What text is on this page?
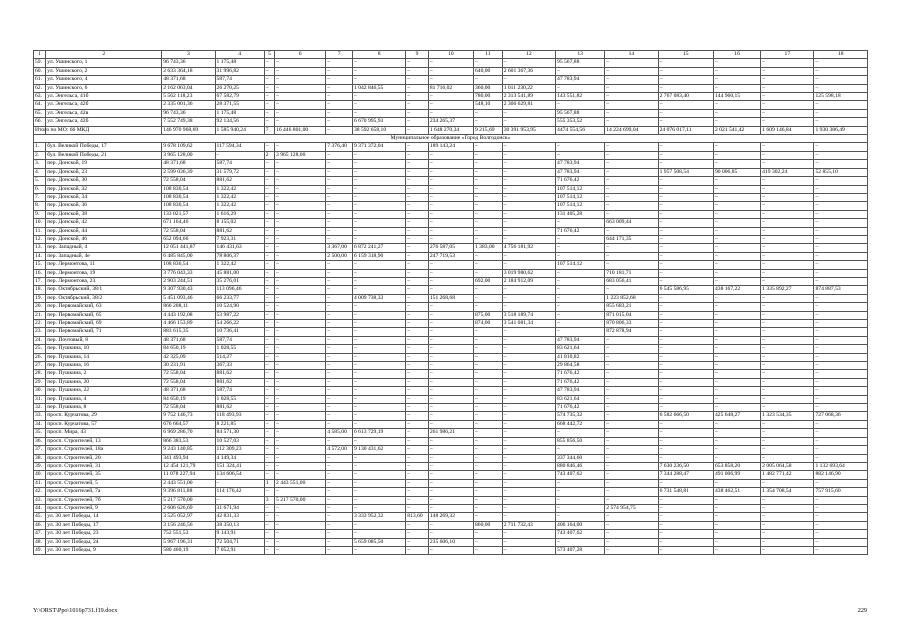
1	2	3	4	5	6	7	8	9	10	11	12	13	14	15	16	17	18
59.	ул. Ушинского, 1	96 743,36	1 175,48	–	–	–	–	–	–	–	–	95 567,88	–	–	–	–	–
60.	ул. Ушинского, 2	2 633 364,18	31 996,82	–	–	–	–	–	–	640,00	2 601 367,36	–	–	–	–	–	–
61.	ул. Ушинского, 4	48 371,68	587,74	–	–	–	–	–	–	–	–	47 783,94	–	–	–	–	–
62.	ул. Ушинского, 6	2 162 063,04	26 270,25	–	–	–	1 042 846,55	–	81 716,02	360,00	1 011 230,22	–	–	–	–	–	–
63.	ул. Энгельса, 41б	5 562 118,23	67 582,79	–	–	–	–	–	–	780,00	2 313 541,89	143 551,82	–	2 767 083,40	144 960,15	–	125 598,18
64.	ул. Энгельса, 42б	2 335 001,36	28 371,55	–	–	–	–	–	–	548,10	2 306 629,81	–	–	–	–	–	–
65.	ул. Энгельса, 42в	96 743,36	1 175,48	–	–	–	–	–	–	–	–	95 567,88	–	–	–	–	–
66.	ул. Энгельса, 42б	7 552 749,38	92 134,56	–	–	–	6 670 995,93	–	234 265,37	–	–	555 353,52	–	–	–	–	–
Итого по МО: 66 МКД		146 970 968,69	1 585 940,24	7	16 446 801,00	–	38 592 658,10	–	1 648 270,34	9 215,69	30 391 953,95	4474 554,56	14 224 699,04	24 076 017,11	2 021 541,42	1 609 146,84	1 930 386,49
Муниципальное образование «Город Волгодонск»																	
1.	бул. Великой Победы, 17	9 678 109,62	117 594,34	–	–	7 376,40	9 371 372,04	–	189 143,24	–	–	–	–	–	–	–	–
2.	бул. Великой Победы, 21	3 965 128,00	–	2	3 965 128,00	–	–	–	–	–	–	–	–	–	–	–	–
3.	пер. Донской, 19	48 371,68	587,74	–	–	–	–	–	–	–	–	47 783,94	–	–	–	–	–
4.	пер. Донской, 23	2 599 036,39	31 579,72	–	–	–	–	–	–	–	–	47 783,94	–	1 957 508,54	90 006,85	419 302,24	52 855,10
5.	пер. Донской, 30	72 558,04	881,62	–	–	–	–	–	–	–	–	71 676,42	–	–	–	–	–
6.	пер. Донской, 32	108 836,54	1 322,42	–	–	–	–	–	–	–	–	107 514,12	–	–	–	–	–
7.	пер. Донской, 34	108 836,54	1 322,42	–	–	–	–	–	–	–	–	107 514,12	–	–	–	–	–
8.	пер. Донской, 36	108 836,54	1 322,42	–	–	–	–	–	–	–	–	107 514,12	–	–	–	–	–
9.	пер. Донской, 38	133 021,57	1 616,29	–	–	–	–	–	–	–	–	131 405,28	–	–	–	–	–
10.	пер. Донской, 42	671 164,46	8 155,02	–	–	–	–	–	–	–	–	–	663 009,44	–	–	–	–
11.	пер. Донской, 44	72 558,04	881,62	–	–	–	–	–	–	–	–	71 676,42	–	–	–	–	–
12.	пер. Донской, 46	652 094,66	7 923,31	–	–	–	–	–	–	–	–	–	644 171,35	–	–	–	–
13.	пер. Западный, 4	12 051 441,87	146 431,63	–	–	3 367,00	6 872 241,27	–	276 587,05	1 383,00	4 756 181,92	–	–	–	–	–	–
14.	пер. Западный, 4е	6 485 845,00	78 806,37	–	–	2 500,00	6 159 318,90	–	247 719,53	–	–	–	–	–	–	–	–
15.	пер. Лермонтова, 11	108 836,54	1 322,42	–	–	–	–	–	–	–	–	107 514,12	–	–	–	–	–
16.	пер. Лермонтова, 19	3 776 043,33	45 881,00	–	–	–	–	–	–	–	3 019 980,62	–	710 181,71	–	–	–	–
17.	пер. Лермонтова, 23	2 903 244,51	35 276,01	–	–	–	–	–	–	692,00	2 184 912,09	–	683 056,41	–	–	–	–
18.	пер. Октябрьский, 38/1	9 307 930,43	113 096,46	–	–	–	–	–	–	–	–	–	–	6 545 586,95	438 167,22	1 335 892,27	874 887,53
19.	пер. Октябрьский, 38/2	5 451 093,46	66 233,77	–	–	–	4 009 738,33	–	151 268,68	–	–	–	1 223 852,68	–	–	–	–
20.	пер. Первомайский, 63	866 208,11	10 524,90	–	–	–	–	–	–	–	–	–	855 683,21	–	–	–	–
21.	пер. Первомайский, 65	4 443 192,08	53 987,22	–	–	–	–	–	–	875,00	3 518 189,74	–	871 015,04	–	–	–	–
22.	пер. Первомайский, 69	4 466 153,89	54 266,22	–	–	–	–	–	–	874,00	3 541 081,34	–	870 806,33	–	–	–	–
23.	пер. Первомайский, 71	883 615,35	10 736,41	–	–	–	–	–	–	–	–	–	872 878,94	–	–	–	–
24.	пер. Почтовый, 8	48 371,68	587,74	–	–	–	–	–	–	–	–	47 783,94	–	–	–	–	–
25.	пер. Пушкина, 10	84 650,19	1 028,55	–	–	–	–	–	–	–	–	83 621,64	–	–	–	–	–
26.	пер. Пушкина, 14	42 325,09	514,27	–	–	–	–	–	–	–	–	41 810,82	–	–	–	–	–
27.	пер. Пушкина, 16	30 231,91	367,33	–	–	–	–	–	–	–	–	29 864,58	–	–	–	–	–
28.	пер. Пушкина, 2	72 558,04	881,62	–	–	–	–	–	–	–	–	71 676,42	–	–	–	–	–
29.	пер. Пушкина, 20	72 558,04	881,62	–	–	–	–	–	–	–	–	71 676,42	–	–	–	–	–
30.	пер. Пушкина, 22	48 371,68	587,74	–	–	–	–	–	–	–	–	47 783,94	–	–	–	–	–
31.	пер. Пушкина, 4	84 650,19	1 028,55	–	–	–	–	–	–	–	–	83 621,64	–	–	–	–	–
32.	пер. Пушкина, 8	72 558,04	881,62	–	–	–	–	–	–	–	–	71 676,42	–	–	–	–	–
33.	просп. Курчатова, 29	9 752 146,73	118 493,93	–	–	–	–	–	–	–	–	574 735,32	–	6 582 666,50	425 648,27	1 323 534,35	727 068,36
34.	просп. Курчатова, 57	676 664,57	8 221,85	–	–	–	–	–	–	–	–	668 442,72	–	–	–	–	–
35.	просп. Мира, 43	6 969 286,70	84 571,30	–	–	4 585,00	6 613 729,19	–	261 986,21	–	–	–	–	–	–	–	–
36.	просп. Строителей, 13	866 383,53	10 527,03	–	–	–	–	–	–	–	–	855 856,50	–	–	–	–	–
37.	просп. Строителей, 18а	9 243 140,85	112 309,23	–	–	4 572,00	9 130 431,62	–	–	–	–	–	–	–	–	–	–
38.	просп. Строителей, 20	341 493,94	4 149,34	–	–	–	–	–	–	–	–	337 344,60	–	–	–	–	–
39.	просп. Строителей, 31	12 454 121,79	151 324,41	–	–	–	–	–	–	–	–	880 846,46	–	7 630 236,50	653 858,20	2 005 064,58	1 132 693,64
40.	просп. Строителей, 35	11 078 227,94	134 606,54	–	–	–	–	–	–	–	–	743 407,62	–	7 344 288,47	491 006,99	1 482 771,42	882 146,90
41.	просп. Строителей, 5	2 443 551,00	–	1	2 443 551,00	–	–	–	–	–	–	–	–	–	–	–	–
42.	просп. Строителей, 7а	9 396 811,88	114 176,42	–	–	–	–	–	–	–	–	–	–	6 731 548,81	438 462,51	1 354 708,54	757 915,60
43.	просп. Строителей, 7б	5 217 570,00	–	3	5 217 570,00	–	–	–	–	–	–	–	–	–	–	–	–
44.	просп. Строителей, 9	2 606 626,69	31 671,94	–	–	–	–	–	–	–	–	–	2 574 954,75	–	–	–	–
45.	ул. 30 лет Победы, 14	3 525 052,97	42 831,33	–	–	–	3 333 952,32	813,60	148 269,32	–	–	–	–	–	–	–	–
46.	ул. 30 лет Победы, 17	3 156 246,56	38 350,13	–	–	–	–	–	–	860,00	2 711 732,43	406 164,00	–	–	–	–	–
47.	ул. 30 лет Победы, 23	752 551,53	9 143,91	–	–	–	–	–	–	–	–	743 407,62	–	–	–	–	–
48.	ул. 30 лет Победы, 24	5 967 196,31	72 504,71	–	–	–	5 659 085,50	–	235 606,10	–	–	–	–	–	–	–	–
49.	ул. 30 лет Победы, 9	580 460,19	7 052,91	–	–	–	–	–	–	–	–	573 407,28	–	–	–	–	–
Y:\ORST\Ppo\1016p731.f19.docx	229
